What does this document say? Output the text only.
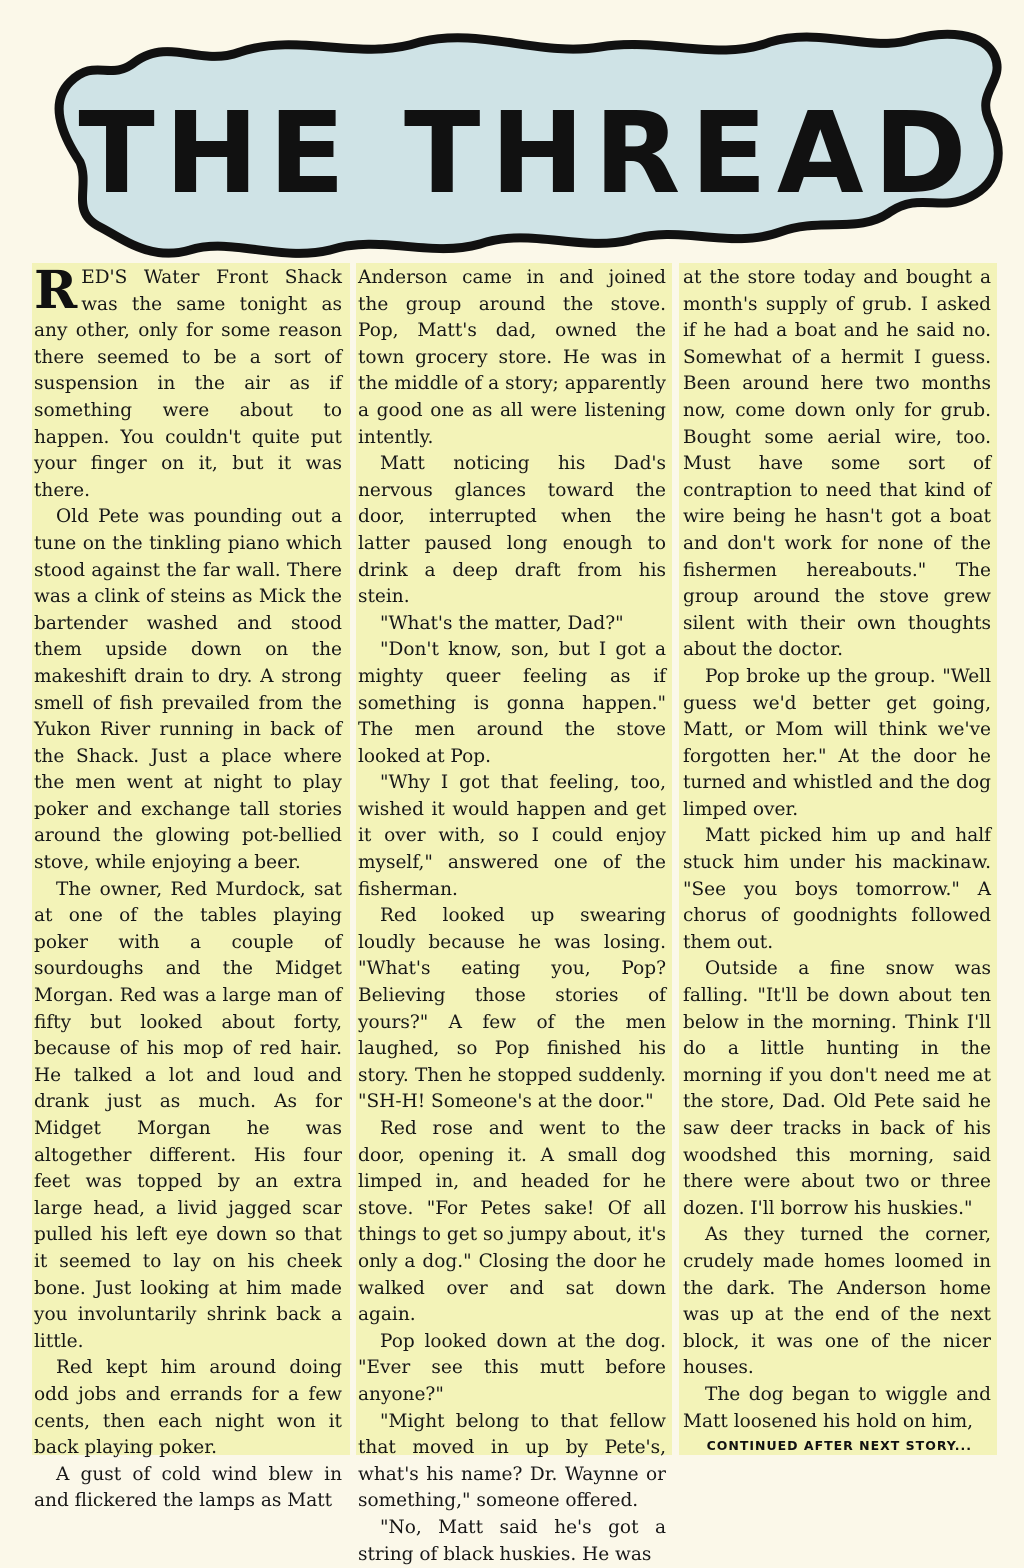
THE THREAD

RED'S Water Front Shack was the same tonight as any other, only for some reason there seemed to be a sort of suspension in the air as if something were about to happen. You couldn't quite put your finger on it, but it was there.

Old Pete was pounding out a tune on the tinkling piano which stood against the far wall. There was a clink of steins as Mick the bartender washed and stood them upside down on the makeshift drain to dry. A strong smell of fish prevailed from the Yukon River running in back of the Shack. Just a place where the men went at night to play poker and exchange tall stories around the glowing pot-bellied stove, while enjoying a beer.

The owner, Red Murdock, sat at one of the tables playing poker with a couple of sourdoughs and the Midget Morgan. Red was a large man of fifty but looked about forty, because of his mop of red hair. He talked a lot and loud and drank just as much. As for Midget Morgan he was altogether different. His four feet was topped by an extra large head, a livid jagged scar pulled his left eye down so that it seemed to lay on his cheek bone. Just looking at him made you involuntarily shrink back a little.

Red kept him around doing odd jobs and errands for a few cents, then each night won it back playing poker.

A gust of cold wind blew in and flickered the lamps as Matt

Anderson came in and joined the group around the stove. Pop, Matt's dad, owned the town grocery store. He was in the middle of a story; apparently a good one as all were listening intently.

Matt noticing his Dad's nervous glances toward the door, interrupted when the latter paused long enough to drink a deep draft from his stein.

"What's the matter, Dad?"

"Don't know, son, but I got a mighty queer feeling as if something is gonna happen." The men around the stove looked at Pop.

"Why I got that feeling, too, wished it would happen and get it over with, so I could enjoy myself," answered one of the fisherman.

Red looked up swearing loudly because he was losing. "What's eating you, Pop? Believing those stories of yours?" A few of the men laughed, so Pop finished his story. Then he stopped suddenly. "SH-H! Someone's at the door."

Red rose and went to the door, opening it. A small dog limped in, and headed for he stove. "For Petes sake! Of all things to get so jumpy about, it's only a dog." Closing the door he walked over and sat down again.

Pop looked down at the dog. "Ever see this mutt before anyone?"

"Might belong to that fellow that moved in up by Pete's, what's his name? Dr. Waynne or something," someone offered.

"No, Matt said he's got a string of black huskies. He was

at the store today and bought a month's supply of grub. I asked if he had a boat and he said no. Somewhat of a hermit I guess. Been around here two months now, come down only for grub. Bought some aerial wire, too. Must have some sort of contraption to need that kind of wire being he hasn't got a boat and don't work for none of the fishermen hereabouts." The group around the stove grew silent with their own thoughts about the doctor.

Pop broke up the group. "Well guess we'd better get going, Matt, or Mom will think we've forgotten her." At the door he turned and whistled and the dog limped over.

Matt picked him up and half stuck him under his mackinaw. "See you boys tomorrow." A chorus of goodnights followed them out.

Outside a fine snow was falling. "It'll be down about ten below in the morning. Think I'll do a little hunting in the morning if you don't need me at the store, Dad. Old Pete said he saw deer tracks in back of his woodshed this morning, said there were about two or three dozen. I'll borrow his huskies."

As they turned the corner, crudely made homes loomed in the dark. The Anderson home was up at the end of the next block, it was one of the nicer houses.

The dog began to wiggle and Matt loosened his hold on him,

CONTINUED AFTER NEXT STORY...
